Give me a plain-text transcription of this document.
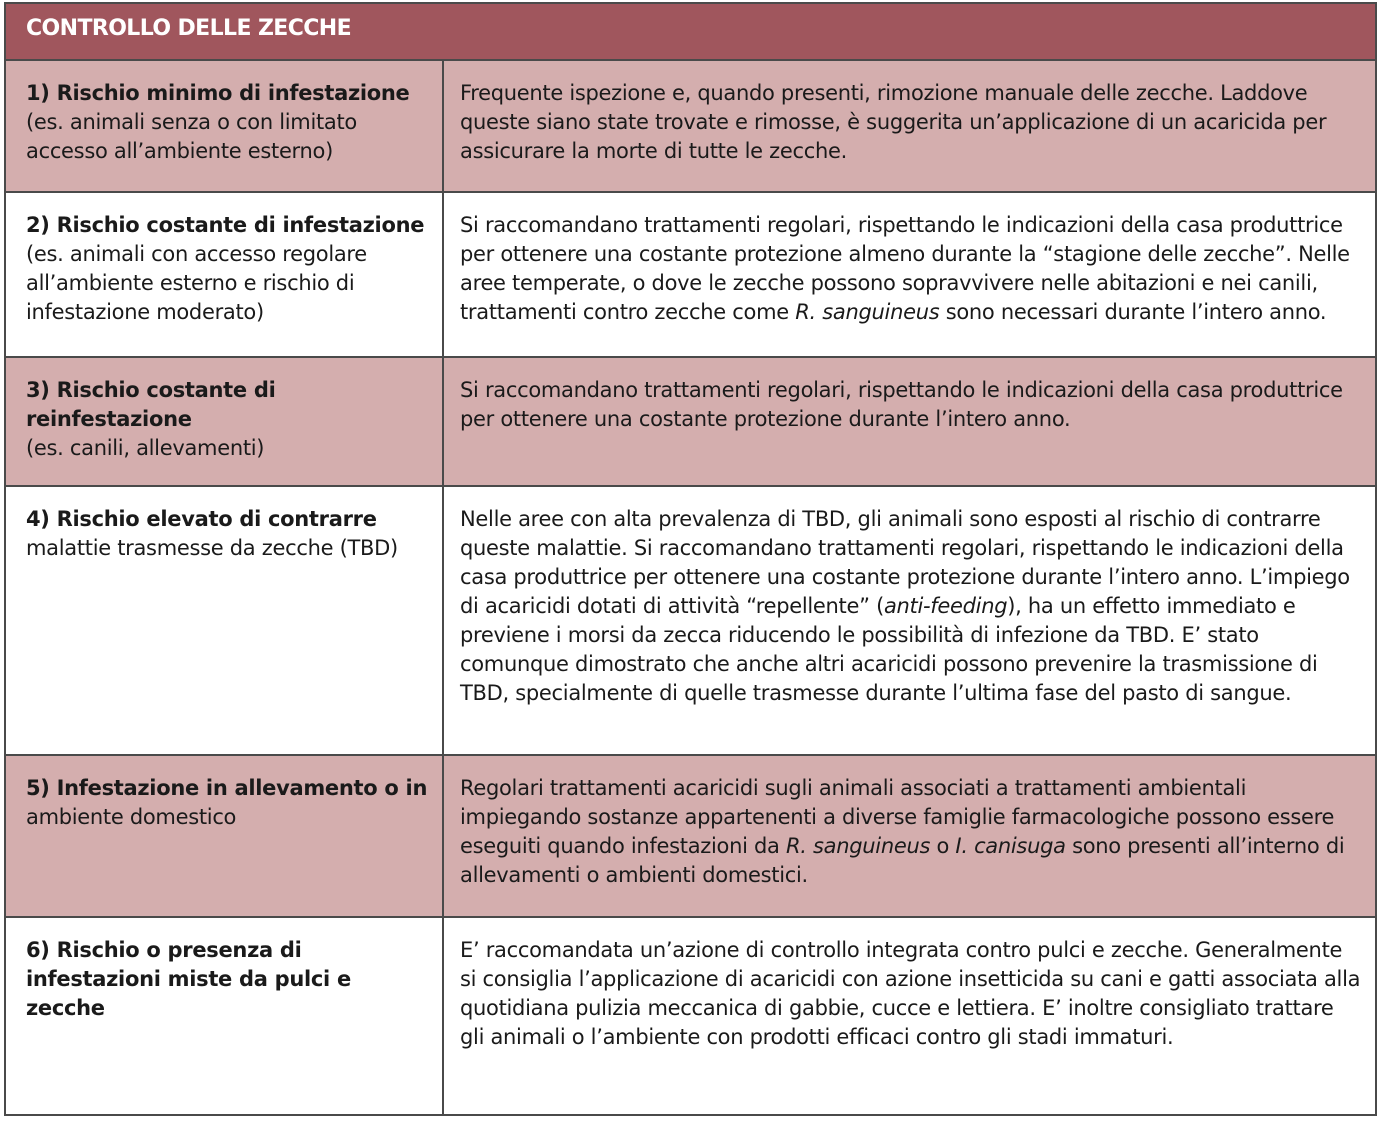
CONTROLLO DELLE ZECCHE
1) Rischio minimo di infestazione
(es. animali senza o con limitato accesso all’ambiente esterno)
Frequente ispezione e, quando presenti, rimozione manuale delle zecche. Laddove queste siano state trovate e rimosse, è suggerita un’applicazione di un acaricida per assicurare la morte di tutte le zecche.
2) Rischio costante di infestazione
(es. animali con accesso regolare all’ambiente esterno e rischio di infestazione moderato)
Si raccomandano trattamenti regolari, rispettando le indicazioni della casa produttrice per ottenere una costante protezione almeno durante la “stagione delle zecche”. Nelle aree temperate, o dove le zecche possono sopravvivere nelle abitazioni e nei canili, trattamenti contro zecche come R. sanguineus sono necessari durante l’intero anno.
3) Rischio costante di reinfestazione
(es. canili, allevamenti)
Si raccomandano trattamenti regolari, rispettando le indicazioni della casa produttrice per ottenere una costante protezione durante l’intero anno.
4) Rischio elevato di contrarre
malattie trasmesse da zecche (TBD)
Nelle aree con alta prevalenza di TBD, gli animali sono esposti al rischio di contrarre queste malattie. Si raccomandano trattamenti regolari, rispettando le indicazioni della casa produttrice per ottenere una costante protezione durante l’intero anno. L’impiego di acaricidi dotati di attività “repellente” (anti-feeding), ha un effetto immediato e previene i morsi da zecca riducendo le possibilità di infezione da TBD. E’ stato comunque dimostrato che anche altri acaricidi possono prevenire la trasmissione di TBD, specialmente di quelle trasmesse durante l’ultima fase del pasto di sangue.
5) Infestazione in allevamento o in
ambiente domestico
Regolari trattamenti acaricidi sugli animali associati a trattamenti ambientali impiegando sostanze appartenenti a diverse famiglie farmacologiche possono essere eseguiti quando infestazioni da R. sanguineus o I. canisuga sono presenti all’interno di allevamenti o ambienti domestici.
6) Rischio o presenza di infestazioni miste da pulci e zecche
E’ raccomandata un’azione di controllo integrata contro pulci e zecche. Generalmente si consiglia l’applicazione di acaricidi con azione insetticida su cani e gatti associata alla quotidiana pulizia meccanica di gabbie, cucce e lettiera. E’ inoltre consigliato trattare gli animali o l’ambiente con prodotti efficaci contro gli stadi immaturi.
